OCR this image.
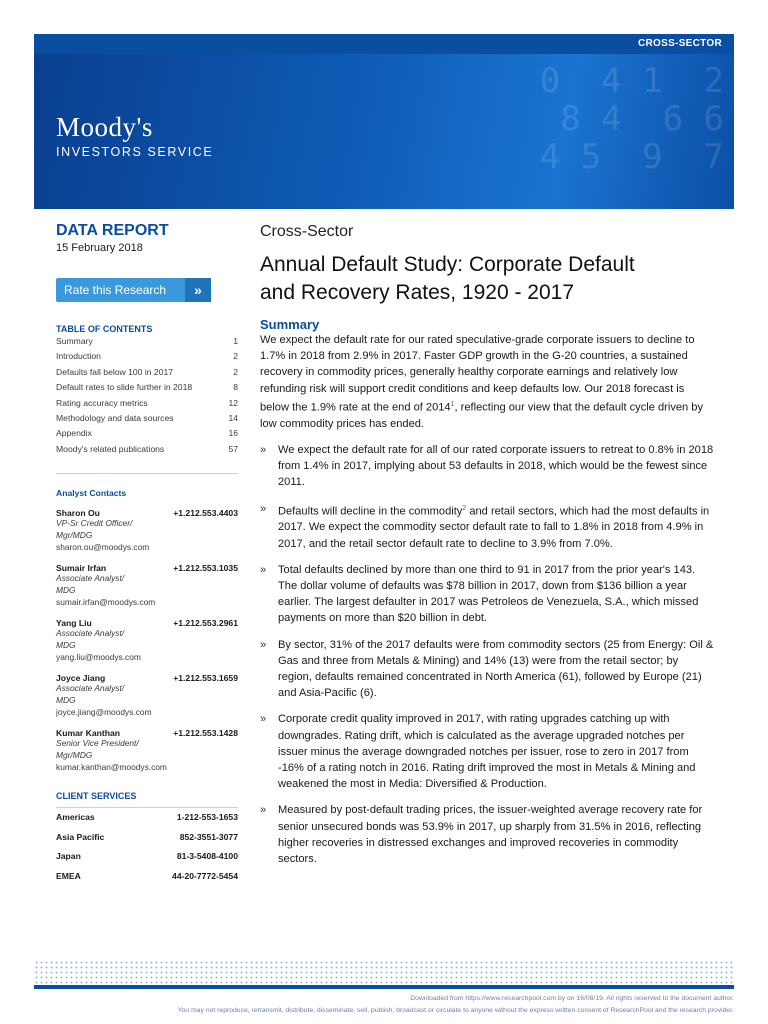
CROSS-SECTOR
0  4 1  2
8 4  6 6
4 5  9  7
Moody's
INVESTORS SERVICE
DATA REPORT
15 February 2018
Rate this Research	»
TABLE OF CONTENTS
Summary	1
Introduction	2
Defaults fall below 100 in 2017	2
Default rates to slide further in 2018	8
Rating accuracy metrics	12
Methodology and data sources	14
Appendix	16
Moody's related publications	57
Analyst Contacts
Sharon Ou	+1.212.553.4403
VP-Sr Credit Officer/
Mgr/MDG
sharon.ou@moodys.com
Sumair Irfan	+1.212.553.1035
Associate Analyst/
MDG
sumair.irfan@moodys.com
Yang Liu	+1.212.553.2961
Associate Analyst/
MDG
yang.liu@moodys.com
Joyce Jiang	+1.212.553.1659
Associate Analyst/
MDG
joyce.jiang@moodys.com
Kumar Kanthan	+1.212.553.1428
Senior Vice President/
Mgr/MDG
kumar.kanthan@moodys.com
CLIENT SERVICES
Americas	1-212-553-1653
Asia Pacific	852-3551-3077
Japan	81-3-5408-4100
EMEA	44-20-7772-5454
Cross-Sector
Annual Default Study: Corporate Default
and Recovery Rates, 1920 - 2017
Summary
We expect the default rate for our rated speculative-grade corporate issuers to decline to 1.7% in 2018 from 2.9% in 2017. Faster GDP growth in the G-20 countries, a sustained recovery in commodity prices, generally healthy corporate earnings and relatively low refunding risk will support credit conditions and keep defaults low. Our 2018 forecast is below the 1.9% rate at the end of 2014$^1$, reflecting our view that the default cycle driven by low commodity prices has ended.
»	We expect the default rate for all of our rated corporate issuers to retreat to 0.8% in 2018 from 1.4% in 2017, implying about 53 defaults in 2018, which would be the fewest since 2011.
»	Defaults will decline in the commodity$^2$ and retail sectors, which had the most defaults in 2017. We expect the commodity sector default rate to fall to 1.8% in 2018 from 4.9% in 2017, and the retail sector default rate to decline to 3.9% from 7.0%.
»	Total defaults declined by more than one third to 91 in 2017 from the prior year's 143. The dollar volume of defaults was $78 billion in 2017, down from $136 billion a year earlier. The largest defaulter in 2017 was Petroleos de Venezuela, S.A., which missed payments on more than $20 billion in debt.
»	By sector, 31% of the 2017 defaults were from commodity sectors (25 from Energy: Oil & Gas and three from Metals & Mining) and 14% (13) were from the retail sector; by region, defaults remained concentrated in North America (61), followed by Europe (21) and Asia-Pacific (6).
»	Corporate credit quality improved in 2017, with rating upgrades catching up with downgrades. Rating drift, which is calculated as the average upgraded notches per issuer minus the average downgraded notches per issuer, rose to zero in 2017 from -16% of a rating notch in 2016. Rating drift improved the most in Metals & Mining and weakened the most in Media: Diversified & Production.
»	Measured by post-default trading prices, the issuer-weighted average recovery rate for senior unsecured bonds was 53.9% in 2017, up sharply from 31.5% in 2016, reflecting higher recoveries in distressed exchanges and improved recoveries in commodity sectors.
Downloaded from https://www.researchpool.com by on 16/08/19. All rights reserved to the document author.
You may not reproduce, retransmit, distribute, disseminate, sell, publish, broadcast or circulate to anyone without the express written consent of ResearchPool and the research provider.
